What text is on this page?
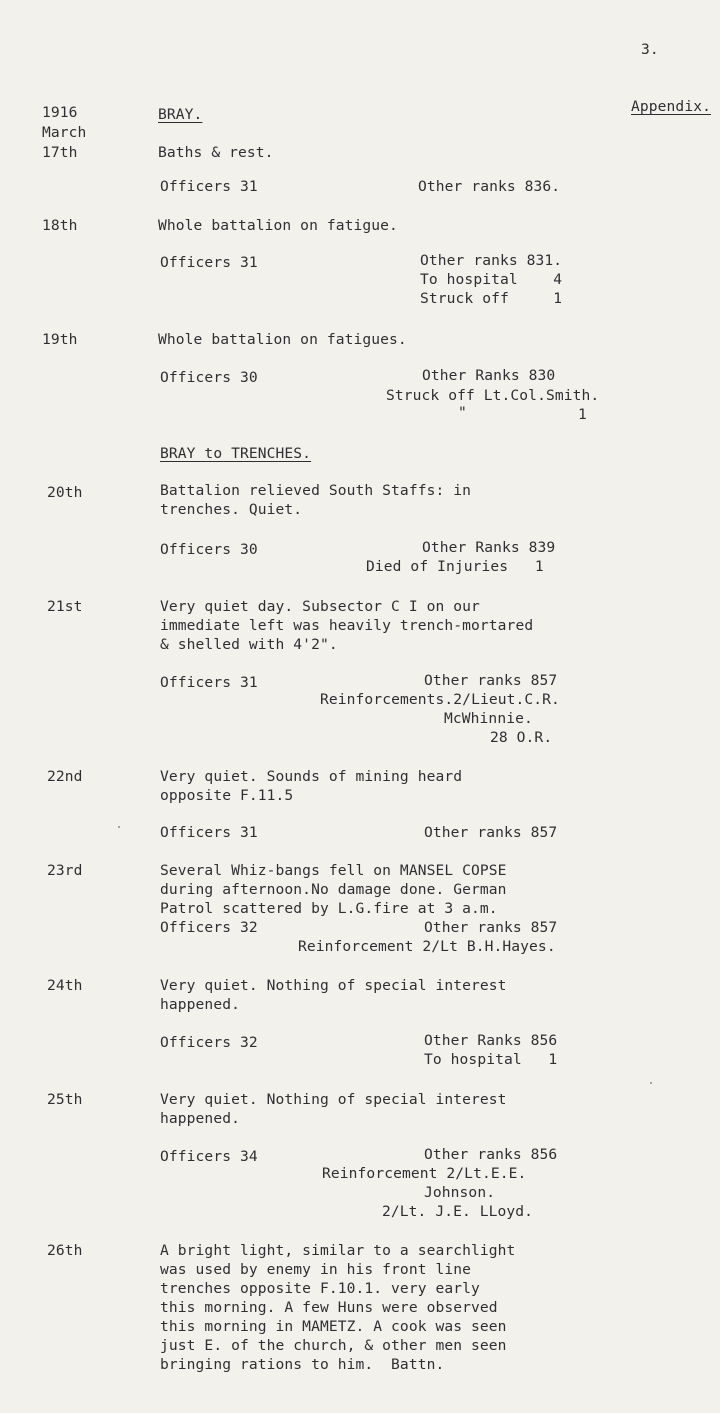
3.
Appendix.
1916
March
BRAY.
17th	Baths & rest.
Officers 31	Other ranks 836.
18th	Whole battalion on fatigue.
Officers 31	Other ranks 831.
To hospital    4
Struck off     1
19th	Whole battalion on fatigues.
Officers 30	Other Ranks 830
Struck off Lt.Col.Smith.
"	1
BRAY to TRENCHES.
20th	Battalion relieved South Staffs: in
trenches. Quiet.
Officers 30	Other Ranks 839
Died of Injuries   1
21st	Very quiet day. Subsector C I on our
immediate left was heavily trench-mortared
& shelled with 4'2".
Officers 31	Other ranks 857
Reinforcements.2/Lieut.C.R.
McWhinnie.
28 O.R.
22nd	Very quiet. Sounds of mining heard
opposite F.11.5
Officers 31	Other ranks 857
23rd	Several Whiz-bangs fell on MANSEL COPSE
during afternoon.No damage done. German
Patrol scattered by L.G.fire at 3 a.m.
Officers 32	Other ranks 857
Reinforcement 2/Lt B.H.Hayes.
24th	Very quiet. Nothing of special interest
happened.
Officers 32	Other Ranks 856
To hospital   1
25th	Very quiet. Nothing of special interest
happened.
Officers 34	Other ranks 856
Reinforcement 2/Lt.E.E.
Johnson.
2/Lt. J.E. LLoyd.
26th	A bright light, similar to a searchlight
was used by enemy in his front line
trenches opposite F.10.1. very early
this morning. A few Huns were observed
this morning in MAMETZ. A cook was seen
just E. of the church, & other men seen
bringing rations to him.  Battn.
